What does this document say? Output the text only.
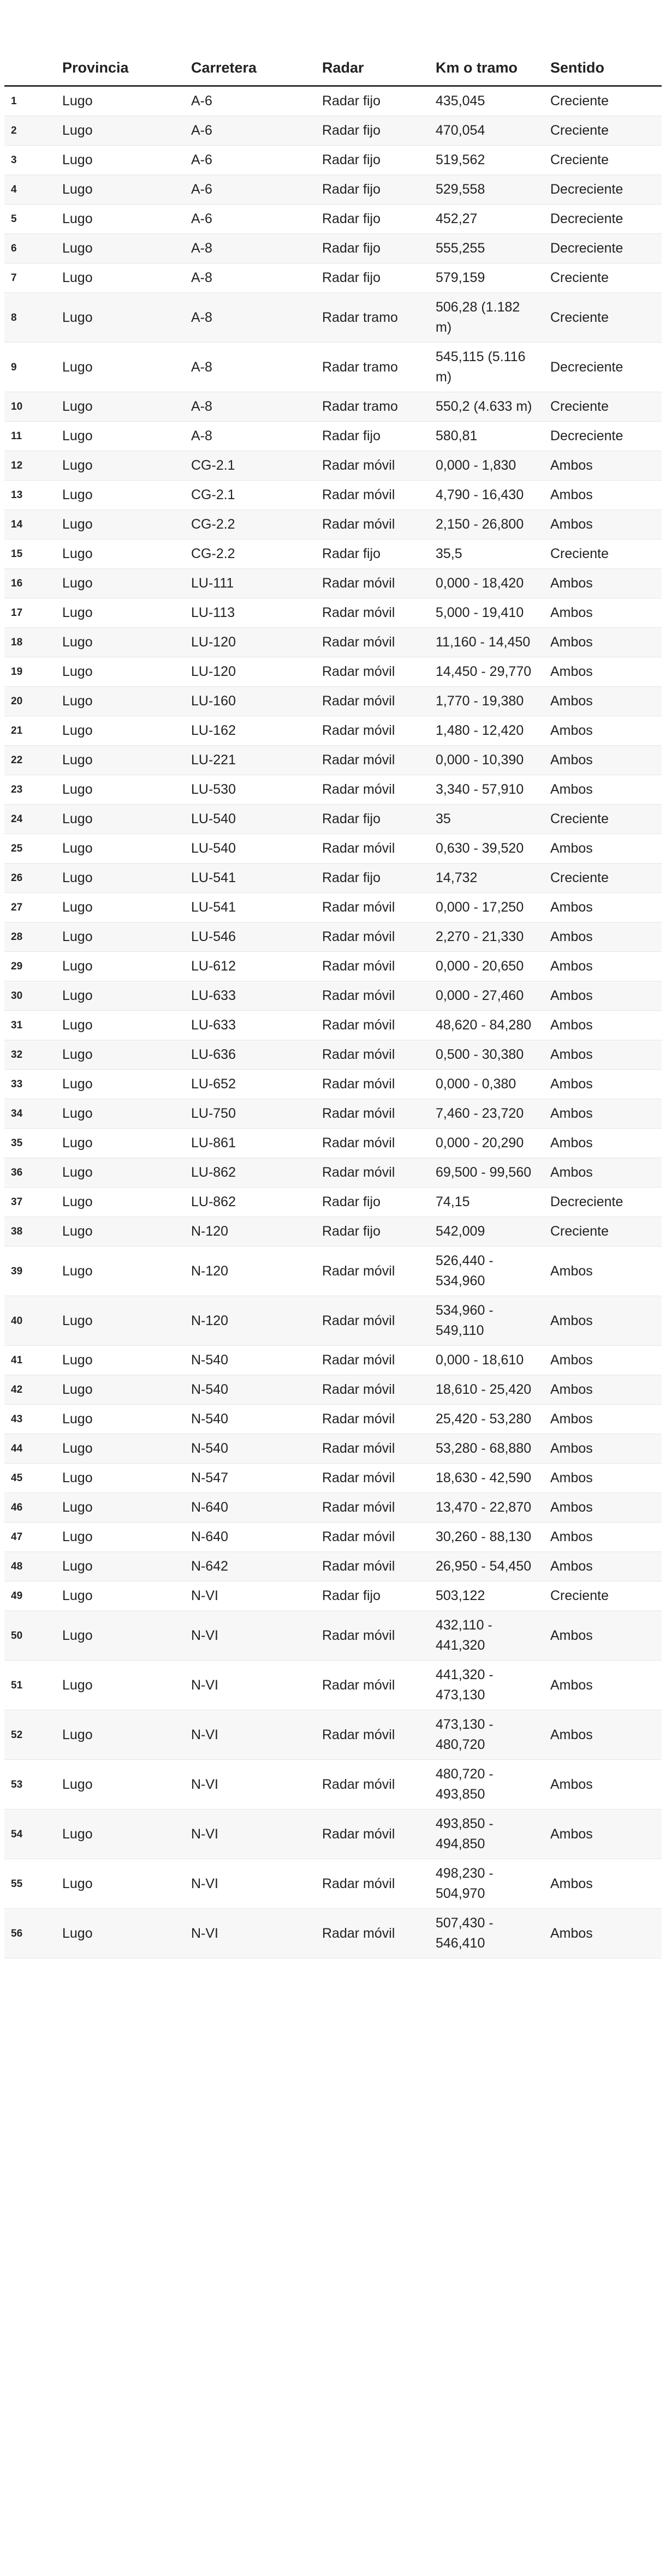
	Provincia	Carretera	Radar	Km o tramo	Sentido
1	Lugo	A-6	Radar fijo	435,045	Creciente
2	Lugo	A-6	Radar fijo	470,054	Creciente
3	Lugo	A-6	Radar fijo	519,562	Creciente
4	Lugo	A-6	Radar fijo	529,558	Decreciente
5	Lugo	A-6	Radar fijo	452,27	Decreciente
6	Lugo	A-8	Radar fijo	555,255	Decreciente
7	Lugo	A-8	Radar fijo	579,159	Creciente
8	Lugo	A-8	Radar tramo	506,28 (1.182 m)	Creciente
9	Lugo	A-8	Radar tramo	545,115 (5.116 m)	Decreciente
10	Lugo	A-8	Radar tramo	550,2 (4.633 m)	Creciente
11	Lugo	A-8	Radar fijo	580,81	Decreciente
12	Lugo	CG-2.1	Radar móvil	0,000 - 1,830	Ambos
13	Lugo	CG-2.1	Radar móvil	4,790 - 16,430	Ambos
14	Lugo	CG-2.2	Radar móvil	2,150 - 26,800	Ambos
15	Lugo	CG-2.2	Radar fijo	35,5	Creciente
16	Lugo	LU-111	Radar móvil	0,000 - 18,420	Ambos
17	Lugo	LU-113	Radar móvil	5,000 - 19,410	Ambos
18	Lugo	LU-120	Radar móvil	11,160 - 14,450	Ambos
19	Lugo	LU-120	Radar móvil	14,450 - 29,770	Ambos
20	Lugo	LU-160	Radar móvil	1,770 - 19,380	Ambos
21	Lugo	LU-162	Radar móvil	1,480 - 12,420	Ambos
22	Lugo	LU-221	Radar móvil	0,000 - 10,390	Ambos
23	Lugo	LU-530	Radar móvil	3,340 - 57,910	Ambos
24	Lugo	LU-540	Radar fijo	35	Creciente
25	Lugo	LU-540	Radar móvil	0,630 - 39,520	Ambos
26	Lugo	LU-541	Radar fijo	14,732	Creciente
27	Lugo	LU-541	Radar móvil	0,000 - 17,250	Ambos
28	Lugo	LU-546	Radar móvil	2,270 - 21,330	Ambos
29	Lugo	LU-612	Radar móvil	0,000 - 20,650	Ambos
30	Lugo	LU-633	Radar móvil	0,000 - 27,460	Ambos
31	Lugo	LU-633	Radar móvil	48,620 - 84,280	Ambos
32	Lugo	LU-636	Radar móvil	0,500 - 30,380	Ambos
33	Lugo	LU-652	Radar móvil	0,000 - 0,380	Ambos
34	Lugo	LU-750	Radar móvil	7,460 - 23,720	Ambos
35	Lugo	LU-861	Radar móvil	0,000 - 20,290	Ambos
36	Lugo	LU-862	Radar móvil	69,500 - 99,560	Ambos
37	Lugo	LU-862	Radar fijo	74,15	Decreciente
38	Lugo	N-120	Radar fijo	542,009	Creciente
39	Lugo	N-120	Radar móvil	526,440 - 534,960	Ambos
40	Lugo	N-120	Radar móvil	534,960 - 549,110	Ambos
41	Lugo	N-540	Radar móvil	0,000 - 18,610	Ambos
42	Lugo	N-540	Radar móvil	18,610 - 25,420	Ambos
43	Lugo	N-540	Radar móvil	25,420 - 53,280	Ambos
44	Lugo	N-540	Radar móvil	53,280 - 68,880	Ambos
45	Lugo	N-547	Radar móvil	18,630 - 42,590	Ambos
46	Lugo	N-640	Radar móvil	13,470 - 22,870	Ambos
47	Lugo	N-640	Radar móvil	30,260 - 88,130	Ambos
48	Lugo	N-642	Radar móvil	26,950 - 54,450	Ambos
49	Lugo	N-VI	Radar fijo	503,122	Creciente
50	Lugo	N-VI	Radar móvil	432,110 - 441,320	Ambos
51	Lugo	N-VI	Radar móvil	441,320 - 473,130	Ambos
52	Lugo	N-VI	Radar móvil	473,130 - 480,720	Ambos
53	Lugo	N-VI	Radar móvil	480,720 - 493,850	Ambos
54	Lugo	N-VI	Radar móvil	493,850 - 494,850	Ambos
55	Lugo	N-VI	Radar móvil	498,230 - 504,970	Ambos
56	Lugo	N-VI	Radar móvil	507,430 - 546,410	Ambos
